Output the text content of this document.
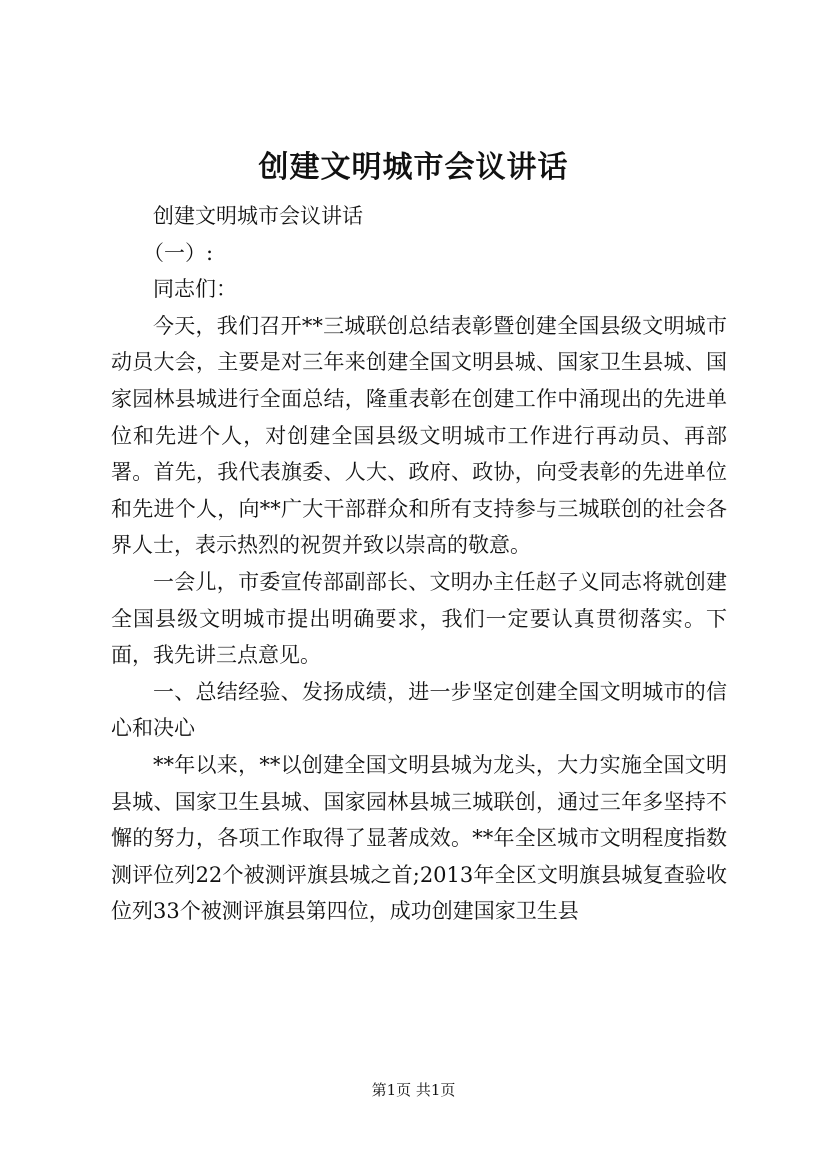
创建文明城市会议讲话

创建文明城市会议讲话

（一）:

同志们：

今天，我们召开**三城联创总结表彰暨创建全国县级文明城市动员大会，主要是对三年来创建全国文明县城、国家卫生县城、国家园林县城进行全面总结，隆重表彰在创建工作中涌现出的先进单位和先进个人，对创建全国县级文明城市工作进行再动员、再部署。首先，我代表旗委、人大、政府、政协，向受表彰的先进单位和先进个人，向**广大干部群众和所有支持参与三城联创的社会各界人士，表示热烈的祝贺并致以崇高的敬意。

一会儿，市委宣传部副部长、文明办主任赵子义同志将就创建全国县级文明城市提出明确要求，我们一定要认真贯彻落实。下面，我先讲三点意见。

一、总结经验、发扬成绩，进一步坚定创建全国文明城市的信心和决心

**年以来，**以创建全国文明县城为龙头，大力实施全国文明县城、国家卫生县城、国家园林县城三城联创，通过三年多坚持不懈的努力，各项工作取得了显著成效。**年全区城市文明程度指数测评位列22个被测评旗县城之首;2013年全区文明旗县城复查验收位列33个被测评旗县第四位，成功创建国家卫生县

第1页 共1页
